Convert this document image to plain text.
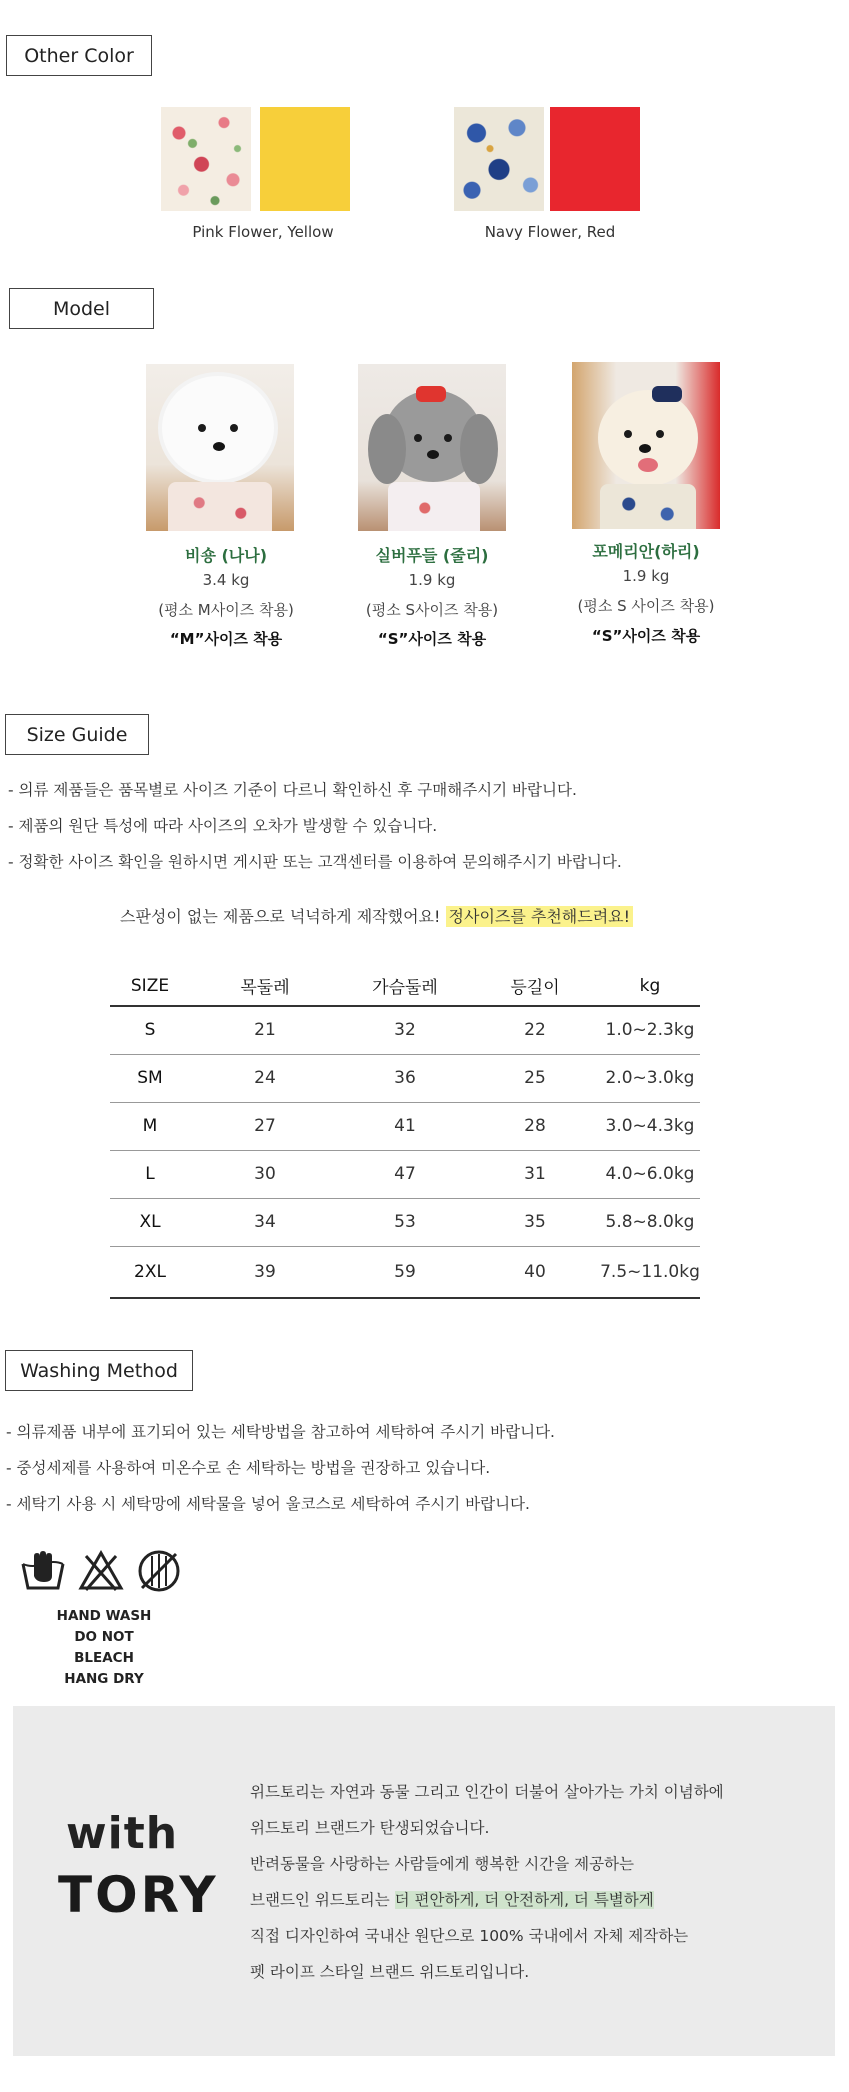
Other Color
Pink Flower, Yellow	Navy Flower, Red
Model
비숑 (나나)
3.4 kg
(평소 M사이즈 착용)
“M”사이즈 착용
실버푸들 (줄리)
1.9 kg
(평소 S사이즈 착용)
“S”사이즈 착용
포메리안(하리)
1.9 kg
(평소 S 사이즈 착용)
“S”사이즈 착용
Size Guide
- 의류 제품들은 품목별로 사이즈 기준이 다르니 확인하신 후 구매해주시기 바랍니다.
- 제품의 원단 특성에 따라 사이즈의 오차가 발생할 수 있습니다.
- 정확한 사이즈 확인을 원하시면 게시판 또는 고객센터를 이용하여 문의해주시기 바랍니다.
스판성이 없는 제품으로 넉넉하게 제작했어요! 정사이즈를 추천해드려요!
SIZE	목둘레	가슴둘레	등길이	kg
S	21	32	22	1.0~2.3kg
SM	24	36	25	2.0~3.0kg
M	27	41	28	3.0~4.3kg
L	30	47	31	4.0~6.0kg
XL	34	53	35	5.8~8.0kg
2XL	39	59	40	7.5~11.0kg
Washing Method
- 의류제품 내부에 표기되어 있는 세탁방법을 참고하여 세탁하여 주시기 바랍니다.
- 중성세제를 사용하여 미온수로 손 세탁하는 방법을 권장하고 있습니다.
- 세탁기 사용 시 세탁망에 세탁물을 넣어 울코스로 세탁하여 주시기 바랍니다.
HAND WASH
DO NOT BLEACH
HANG DRY
with
TORY
위드토리는 자연과 동물 그리고 인간이 더불어 살아가는 가치 이념하에
위드토리 브랜드가 탄생되었습니다.
반려동물을 사랑하는 사람들에게 행복한 시간을 제공하는
브랜드인 위드토리는 더 편안하게, 더 안전하게, 더 특별하게
직접 디자인하여 국내산 원단으로 100% 국내에서 자체 제작하는
펫 라이프 스타일 브랜드 위드토리입니다.
